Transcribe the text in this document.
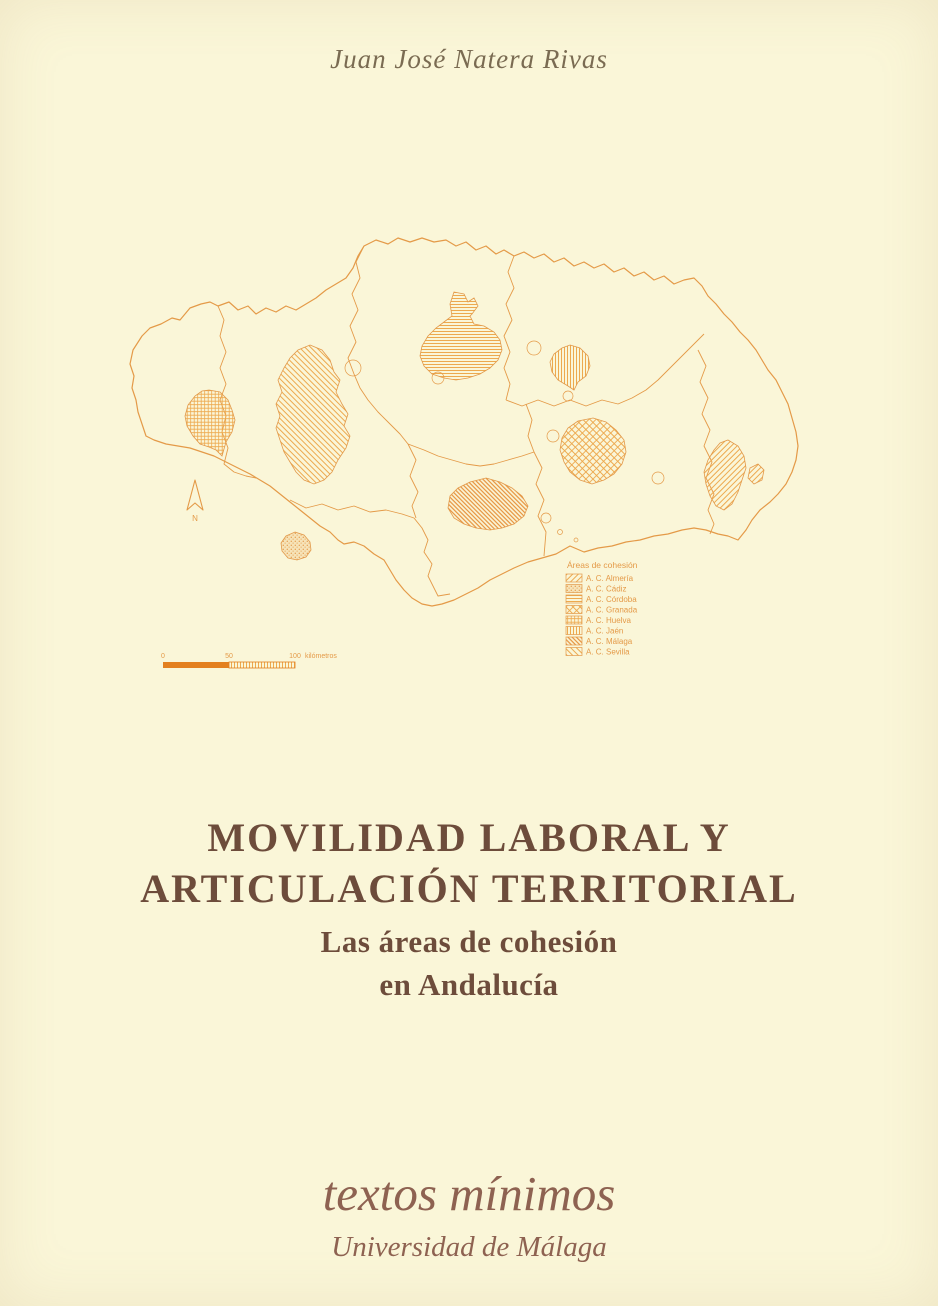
Juan José Natera Rivas
N
0	50	100 kilómetros
Áreas de cohesión
A. C. Almería
A. C. Cádiz
A. C. Córdoba
A. C. Granada
A. C. Huelva
A. C. Jaén
A. C. Málaga
A. C. Sevilla
MOVILIDAD LABORAL Y
ARTICULACIÓN TERRITORIAL
Las áreas de cohesión
en Andalucía
textos mínimos
Universidad de Málaga
